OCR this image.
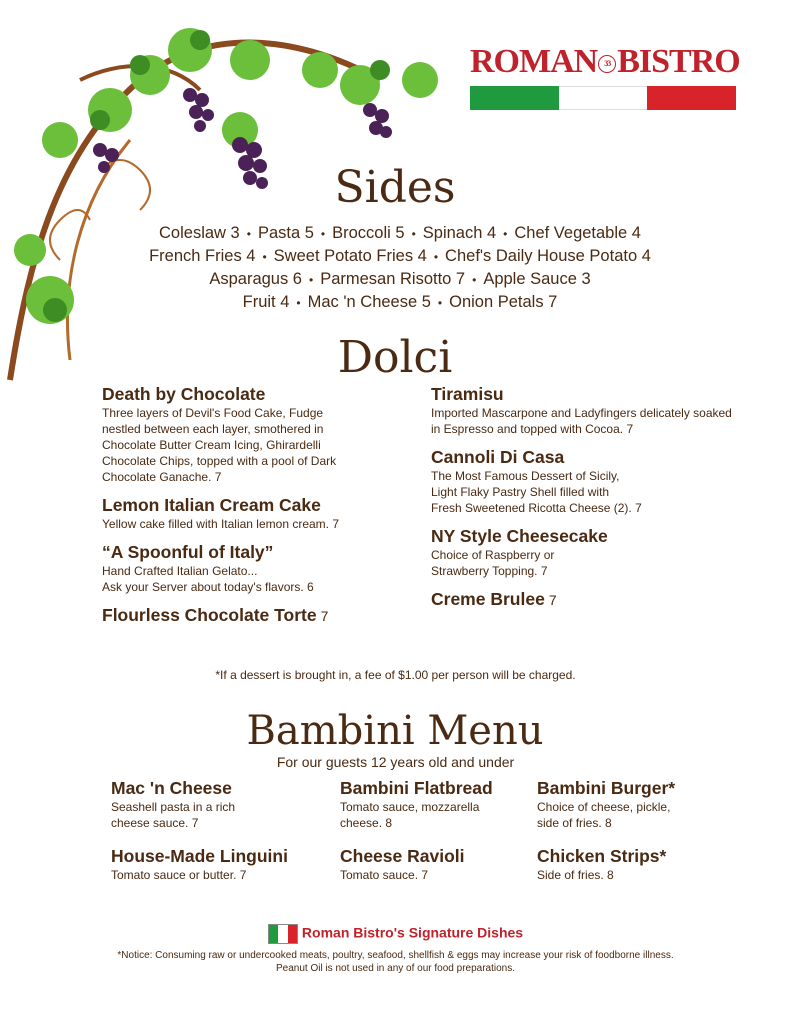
ROMAN 33 BISTRO
Sides
Coleslaw 3 • Pasta 5 • Broccoli 5 • Spinach 4 • Chef Vegetable 4
French Fries 4 • Sweet Potato Fries 4 • Chef's Daily House Potato 4
Asparagus 6 • Parmesan Risotto 7 • Apple Sauce 3
Fruit 4 • Mac 'n Cheese 5 • Onion Petals 7
Dolci
Death by Chocolate
Three layers of Devil's Food Cake, Fudge nestled between each layer, smothered in Chocolate Butter Cream Icing, Ghirardelli Chocolate Chips, topped with a pool of Dark Chocolate Ganache. 7
Lemon Italian Cream Cake
Yellow cake filled with Italian lemon cream. 7
“A Spoonful of Italy”
Hand Crafted Italian Gelato...
Ask your Server about today's flavors. 6
Flourless Chocolate Torte 7
Tiramisu
Imported Mascarpone and Ladyfingers delicately soaked in Espresso and topped with Cocoa. 7
Cannoli Di Casa
The Most Famous Dessert of Sicily,
Light Flaky Pastry Shell filled with
Fresh Sweetened Ricotta Cheese (2). 7
NY Style Cheesecake
Choice of Raspberry or
Strawberry Topping. 7
Creme Brulee 7
*If a dessert is brought in, a fee of $1.00 per person will be charged.
Bambini Menu
For our guests 12 years old and under
Mac 'n Cheese
Seashell pasta in a rich
cheese sauce. 7
Bambini Flatbread
Tomato sauce, mozzarella
cheese. 8
Bambini Burger*
Choice of cheese, pickle,
side of fries. 8
House-Made Linguini
Tomato sauce or butter. 7
Cheese Ravioli
Tomato sauce. 7
Chicken Strips*
Side of fries. 8
Roman Bistro's Signature Dishes
*Notice: Consuming raw or undercooked meats, poultry, seafood, shellfish & eggs may increase your risk of foodborne illness.
Peanut Oil is not used in any of our food preparations.
